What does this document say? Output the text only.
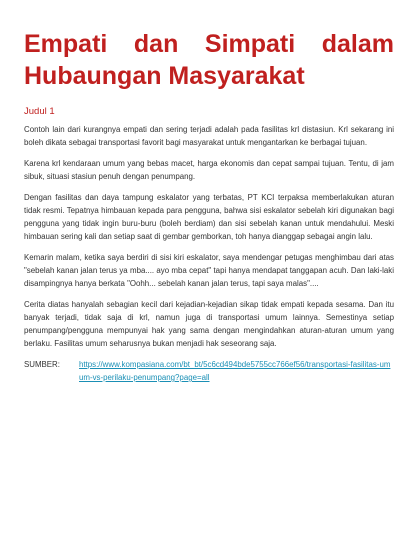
Empati dan Simpati dalam
Hubaungan Masyarakat
Judul 1

Contoh lain dari kurangnya empati dan sering terjadi adalah pada fasilitas krl distasiun. Krl sekarang ini boleh dikata sebagai transportasi favorit bagi masyarakat untuk mengantarkan ke berbagai tujuan.

Karena krl kendaraan umum yang bebas macet, harga ekonomis dan cepat sampai tujuan. Tentu, di jam sibuk, situasi stasiun penuh dengan penumpang.

Dengan fasilitas dan daya tampung eskalator yang terbatas, PT KCI terpaksa memberlakukan aturan tidak resmi. Tepatnya himbauan kepada para pengguna, bahwa sisi eskalator sebelah kiri digunakan bagi pengguna yang tidak ingin buru-buru (boleh berdiam) dan sisi sebelah kanan untuk mendahului. Meski himbauan sering kali dan setiap saat di gembar gemborkan, toh hanya dianggap sebagai angin lalu.

Kemarin malam, ketika saya berdiri di sisi kiri eskalator, saya mendengar petugas menghimbau dari atas "sebelah kanan jalan terus ya mba.... ayo mba cepat" tapi hanya mendapat tanggapan acuh. Dan laki-laki disampingnya hanya berkata "Oohh... sebelah kanan jalan terus, tapi saya malas"....

Cerita diatas hanyalah sebagian kecil dari kejadian-kejadian sikap tidak empati kepada sesama. Dan itu banyak terjadi, tidak saja di krl, namun juga di transportasi umum lainnya. Semestinya setiap penumpang/pengguna mempunyai hak yang sama dengan mengindahkan aturan-aturan umum yang berlaku. Fasilitas umum seharusnya bukan menjadi hak seseorang saja.

SUMBER:	https://www.kompasiana.com/bt_bt/5c6cd494bde5755cc766ef56/transportasi-fasilitas-umum-vs-perilaku-penumpang?page=all
